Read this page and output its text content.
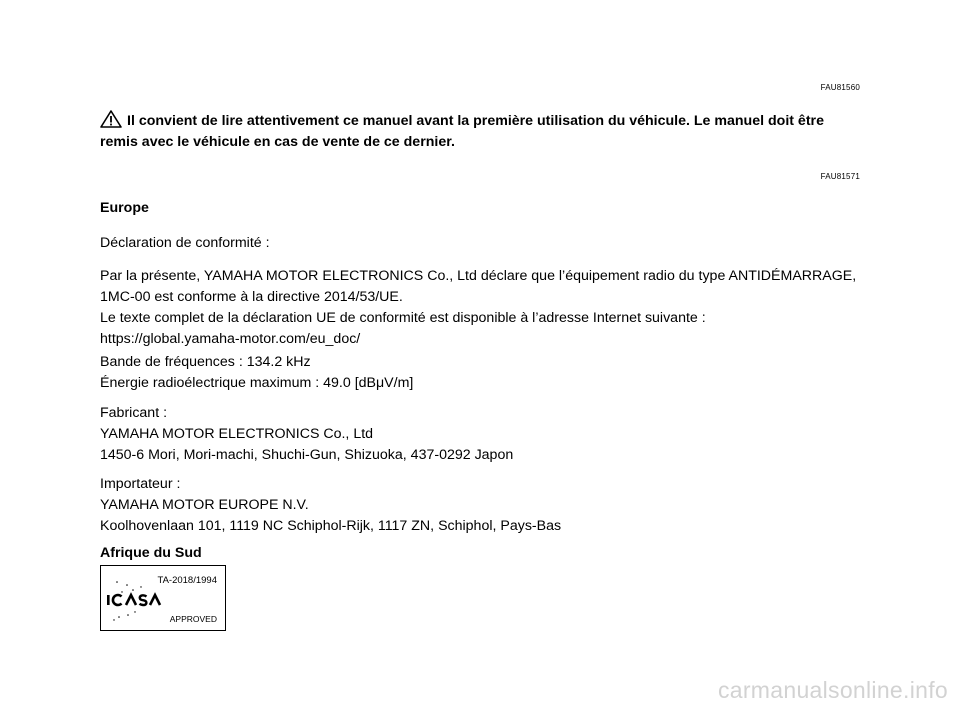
FAU81560
Il convient de lire attentivement ce manuel avant la première utilisation du véhicule. Le manuel doit être remis avec le véhicule en cas de vente de ce dernier.
FAU81571
Europe
Déclaration de conformité :
Par la présente, YAMAHA MOTOR ELECTRONICS Co., Ltd déclare que l’équipement radio du type ANTIDÉMARRAGE,
1MC-00 est conforme à la directive 2014/53/UE.
Le texte complet de la déclaration UE de conformité est disponible à l’adresse Internet suivante :
https://global.yamaha-motor.com/eu_doc/
Bande de fréquences : 134.2 kHz
Énergie radioélectrique maximum : 49.0 [dBμV/m]
Fabricant :
YAMAHA MOTOR ELECTRONICS Co., Ltd
1450-6 Mori, Mori-machi, Shuchi-Gun, Shizuoka, 437-0292 Japon
Importateur :
YAMAHA MOTOR EUROPE N.V.
Koolhovenlaan 101, 1119 NC Schiphol-Rijk, 1117 ZN, Schiphol, Pays-Bas
Afrique du Sud
TA-2018/1994
APPROVED
carmanualsonline.info
